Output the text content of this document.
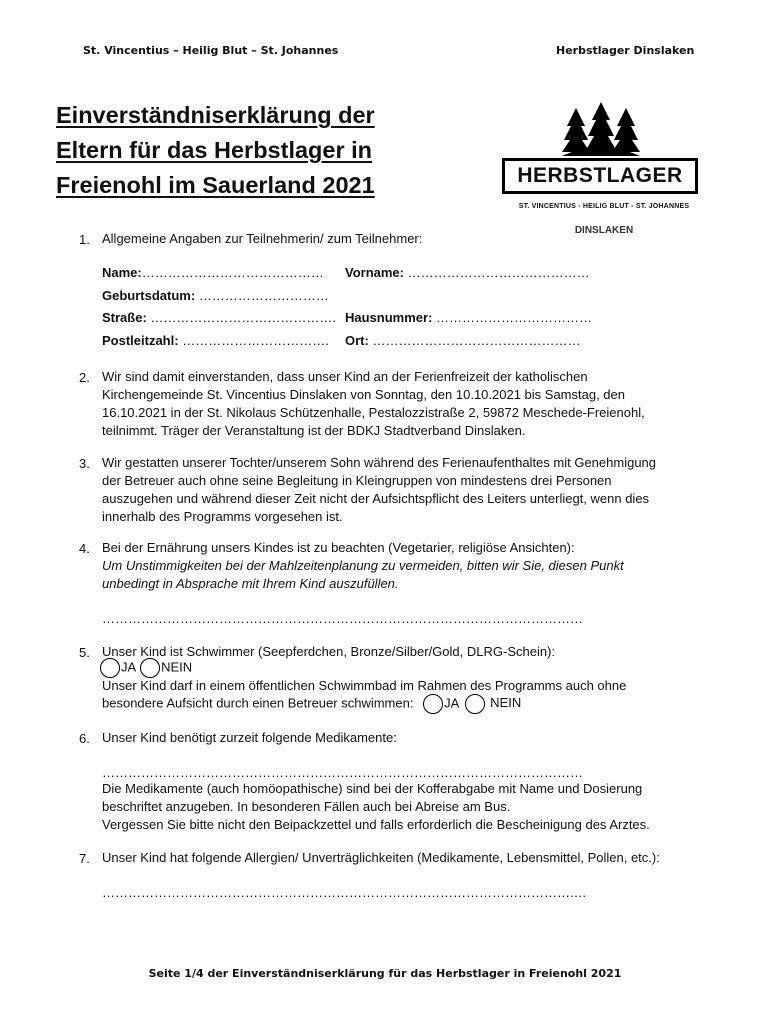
St. Vincentius – Heilig Blut – St. Johannes	Herbstlager Dinslaken
Einverständniserklärung der
Eltern für das Herbstlager in
Freienohl im Sauerland 2021	HERBSTLAGER
ST. VINCENTIUS - HEILIG BLUT - ST. JOHANNES
DINSLAKEN
1. Allgemeine Angaben zur Teilnehmerin/ zum Teilnehmer:
Name:…………………………………… Vorname: ……………………………………
Geburtsdatum: …………………………
Straße: ……………………………………. Hausnummer: ………………………………
Postleitzahl: ……………………………. Ort: …………………………………………
2. Wir sind damit einverstanden, dass unser Kind an der Ferienfreizeit der katholischen
Kirchengemeinde St. Vincentius Dinslaken von Sonntag, den 10.10.2021 bis Samstag, den
16.10.2021 in der St. Nikolaus Schützenhalle, Pestalozzistraße 2, 59872 Meschede-Freienohl,
teilnimmt. Träger der Veranstaltung ist der BDKJ Stadtverband Dinslaken.
3. Wir gestatten unserer Tochter/unserem Sohn während des Ferienaufenthaltes mit Genehmigung
der Betreuer auch ohne seine Begleitung in Kleingruppen von mindestens drei Personen
auszugehen und während dieser Zeit nicht der Aufsichtspflicht des Leiters unterliegt, wenn dies
innerhalb des Programms vorgesehen ist.
4. Bei der Ernährung unsers Kindes ist zu beachten (Vegetarier, religiöse Ansichten):
Um Unstimmigkeiten bei der Mahlzeitenplanung zu vermeiden, bitten wir Sie, diesen Punkt
unbedingt in Absprache mit Ihrem Kind auszufüllen.
…………………………………………………………………………………………………
5. Unser Kind ist Schwimmer (Seepferdchen, Bronze/Silber/Gold, DLRG-Schein):
JA NEIN
Unser Kind darf in einem öffentlichen Schwimmbad im Rahmen des Programms auch ohne
besondere Aufsicht durch einen Betreuer schwimmen: JA NEIN
6. Unser Kind benötigt zurzeit folgende Medikamente:
…………………………………………………………………………………………………
Die Medikamente (auch homöopathische) sind bei der Kofferabgabe mit Name und Dosierung
beschriftet anzugeben. In besonderen Fällen auch bei Abreise am Bus.
Vergessen Sie bitte nicht den Beipackzettel und falls erforderlich die Bescheinigung des Arztes.
7. Unser Kind hat folgende Allergien/ Unverträglichkeiten (Medikamente, Lebensmittel, Pollen, etc.):
……………………………………………………………………………………………….…
Seite 1/4 der Einverständniserklärung für das Herbstlager in Freienohl 2021
